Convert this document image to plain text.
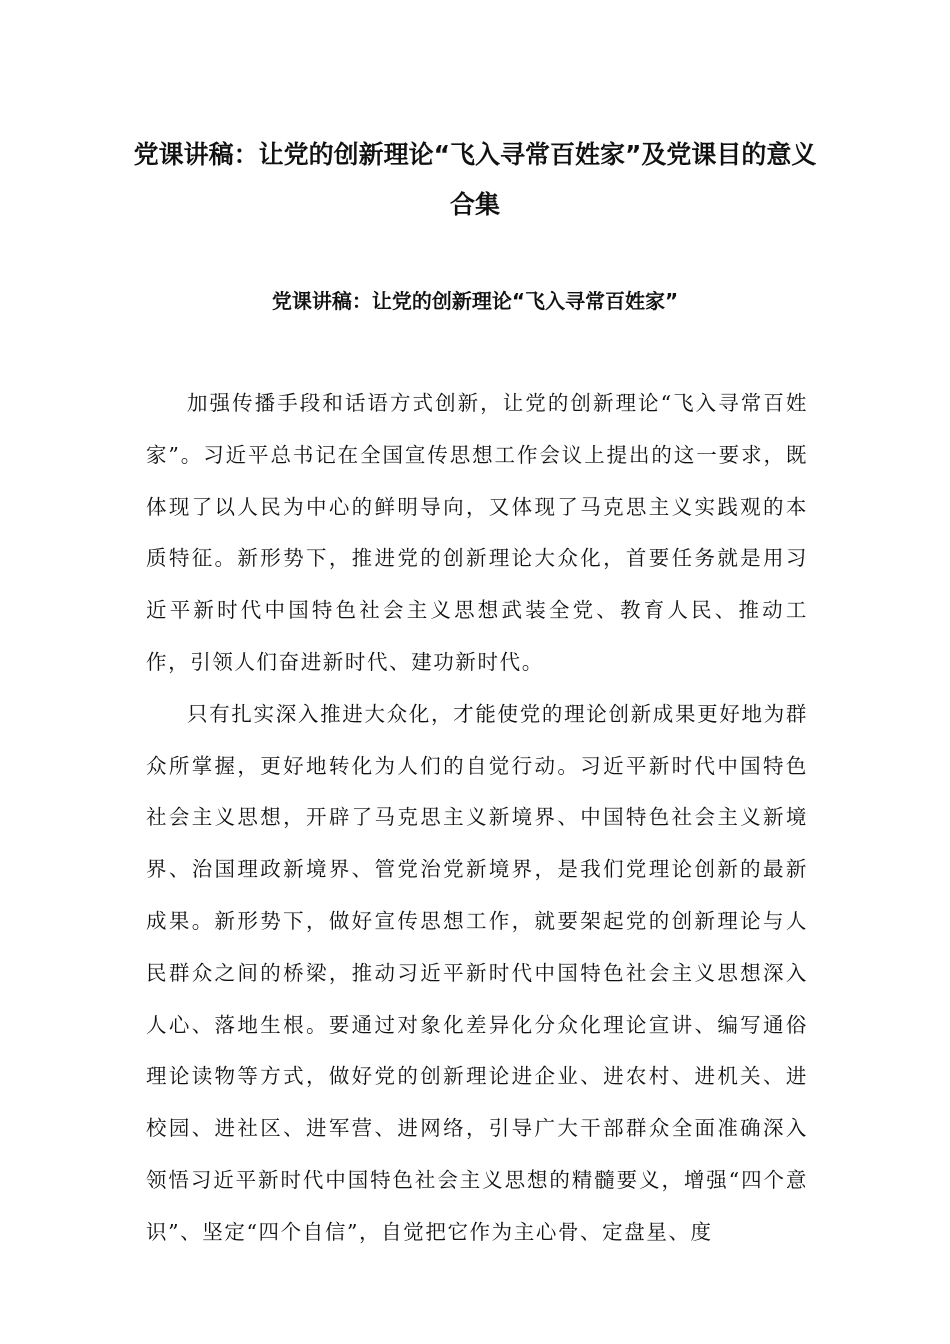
党课讲稿：让党的创新理论“飞入寻常百姓家”及党课目的意义合集
党课讲稿：让党的创新理论“飞入寻常百姓家”

加强传播手段和话语方式创新，让党的创新理论“飞入寻常百姓家”。习近平总书记在全国宣传思想工作会议上提出的这一要求，既体现了以人民为中心的鲜明导向，又体现了马克思主义实践观的本质特征。新形势下，推进党的创新理论大众化，首要任务就是用习近平新时代中国特色社会主义思想武装全党、教育人民、推动工作，引领人们奋进新时代、建功新时代。

只有扎实深入推进大众化，才能使党的理论创新成果更好地为群众所掌握，更好地转化为人们的自觉行动。习近平新时代中国特色社会主义思想，开辟了马克思主义新境界、中国特色社会主义新境界、治国理政新境界、管党治党新境界，是我们党理论创新的最新成果。新形势下，做好宣传思想工作，就要架起党的创新理论与人民群众之间的桥梁，推动习近平新时代中国特色社会主义思想深入人心、落地生根。要通过对象化差异化分众化理论宣讲、编写通俗理论读物等方式，做好党的创新理论进企业、进农村、进机关、进校园、进社区、进军营、进网络，引导广大干部群众全面准确深入领悟习近平新时代中国特色社会主义思想的精髓要义，增强“四个意识”、坚定“四个自信”，自觉把它作为主心骨、定盘星、度
